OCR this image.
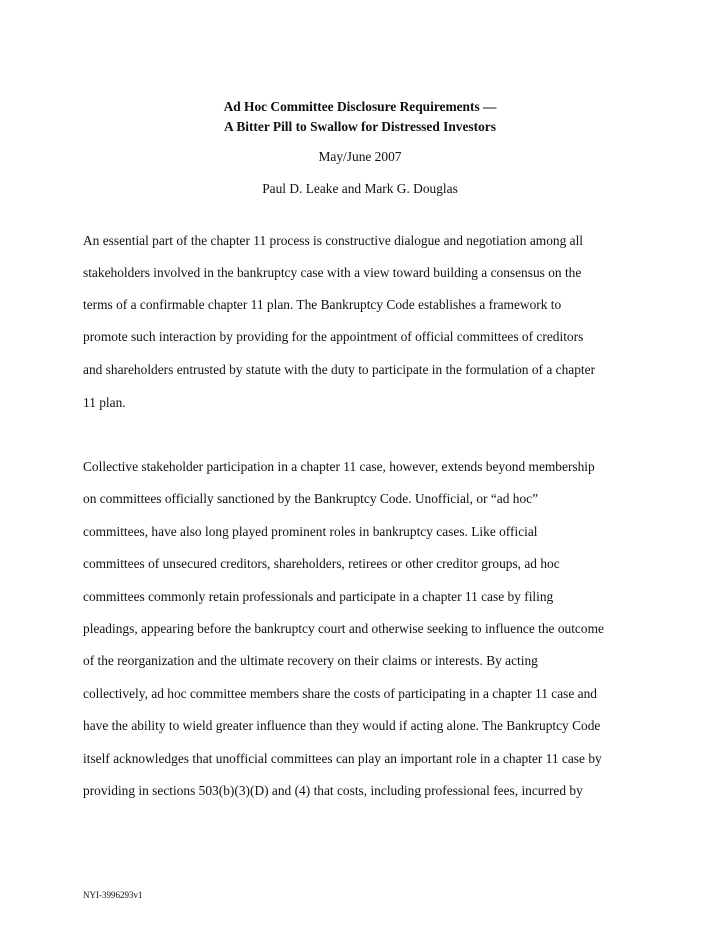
Ad Hoc Committee Disclosure Requirements —
A Bitter Pill to Swallow for Distressed Investors
May/June 2007
Paul D. Leake and Mark G. Douglas
An essential part of the chapter 11 process is constructive dialogue and negotiation among all
stakeholders involved in the bankruptcy case with a view toward building a consensus on the
terms of a confirmable chapter 11 plan. The Bankruptcy Code establishes a framework to
promote such interaction by providing for the appointment of official committees of creditors
and shareholders entrusted by statute with the duty to participate in the formulation of a chapter
11 plan.
Collective stakeholder participation in a chapter 11 case, however, extends beyond membership
on committees officially sanctioned by the Bankruptcy Code. Unofficial, or “ad hoc”
committees, have also long played prominent roles in bankruptcy cases. Like official
committees of unsecured creditors, shareholders, retirees or other creditor groups, ad hoc
committees commonly retain professionals and participate in a chapter 11 case by filing
pleadings, appearing before the bankruptcy court and otherwise seeking to influence the outcome
of the reorganization and the ultimate recovery on their claims or interests. By acting
collectively, ad hoc committee members share the costs of participating in a chapter 11 case and
have the ability to wield greater influence than they would if acting alone. The Bankruptcy Code
itself acknowledges that unofficial committees can play an important role in a chapter 11 case by
providing in sections 503(b)(3)(D) and (4) that costs, including professional fees, incurred by
NYI-3996293v1
